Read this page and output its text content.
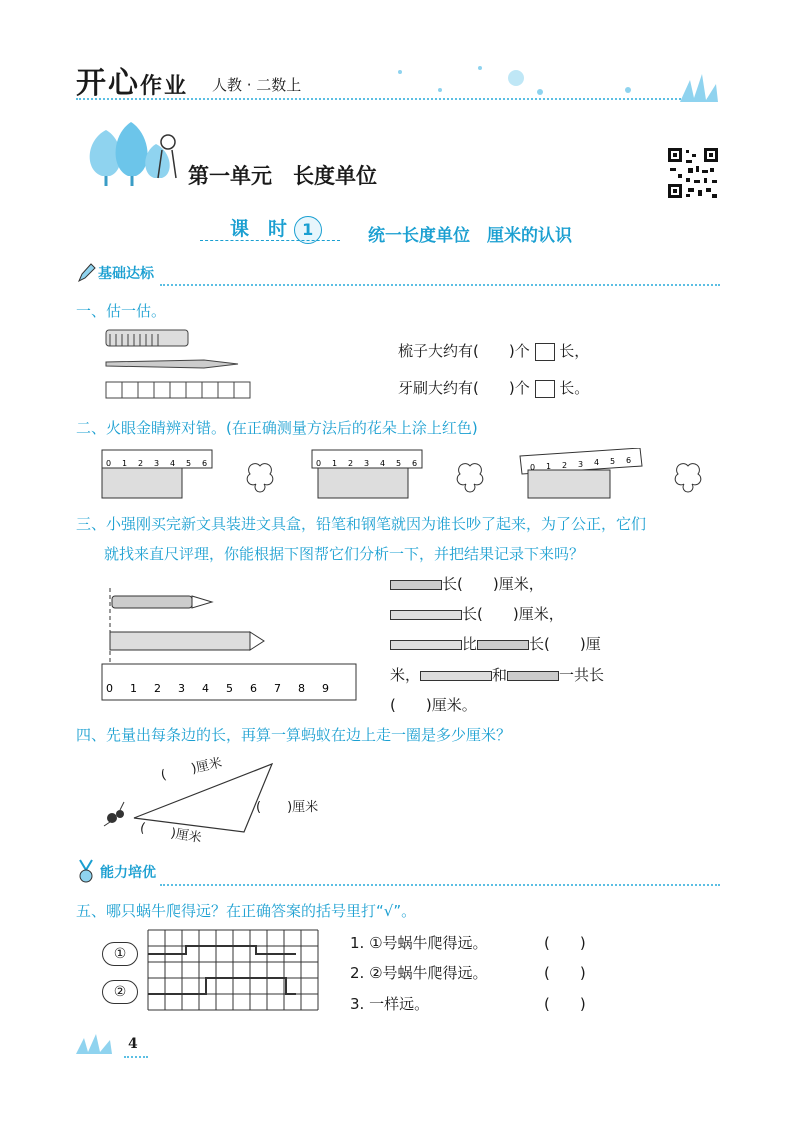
开心作业 人教 · 二数上
第一单元　长度单位
课　时 1	统一长度单位　厘米的认识
基础达标
一、估一估。
梳子大约有(　　 )个 长，
牙刷大约有(　　 )个 长。
二、火眼金睛辨对错。(在正确测量方法后的花朵上涂上红色)
0 1 2 3 4 5 6	0 1 2 3 4 5 6	0 1 2 3 4 5 6
三、小强刚买完新文具装进文具盒，铅笔和钢笔就因为谁长吵了起来，为了公正，它们
就找来直尺评理，你能根据下图帮它们分析一下，并把结果记录下来吗？
0 1 2 3 4 5 6 7 8 9
长(　　)厘米，
长(　　)厘米，
比	长(　　)厘
米，	和	一共长
(　　)厘米。
四、先量出每条边的长，再算一算蚂蚁在边上走一圈是多少厘米？
(　　)厘米
(　　)厘米
(　　)厘米
能力培优
五、哪只蜗牛爬得远？在正确答案的括号里打“√”。
①
②
1. ①号蜗牛爬得远。	(　　)
2. ②号蜗牛爬得远。	(　　)
3. 一样远。	(　　)
4
